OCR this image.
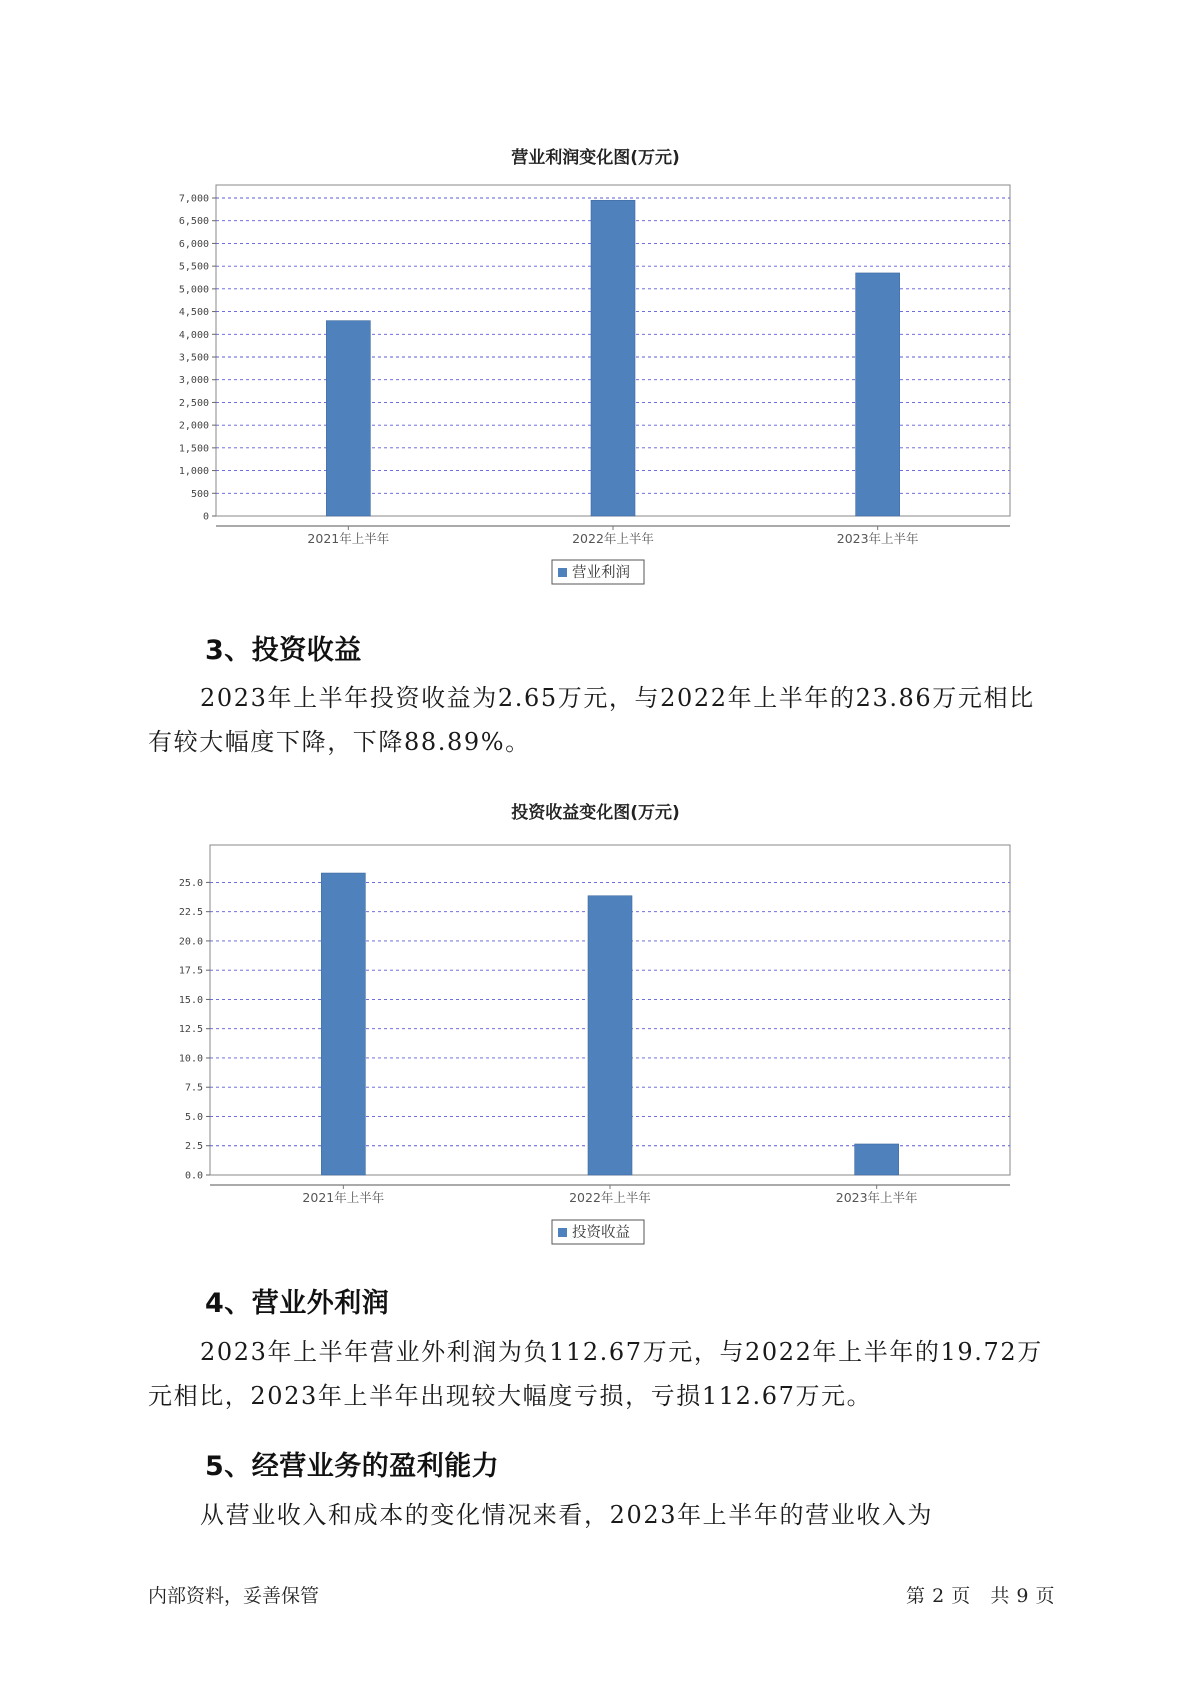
营业利润变化图(万元)
0
500
1,000
1,500
2,000
2,500
3,000
3,500
4,000
4,500
5,000
5,500
6,000
6,500
7,000
2021年上半年	2022年上半年	2023年上半年
营业利润
3、投资收益
2023年上半年投资收益为2.65万元，与2022年上半年的23.86万元相比有较大幅度下降，下降88.89%。
投资收益变化图(万元)
0.0
2.5
5.0
7.5
10.0
12.5
15.0
17.5
20.0
22.5
25.0
2021年上半年	2022年上半年	2023年上半年
投资收益
4、营业外利润
2023年上半年营业外利润为负112.67万元，与2022年上半年的19.72万元相比，2023年上半年出现较大幅度亏损，亏损112.67万元。
5、经营业务的盈利能力
从营业收入和成本的变化情况来看，2023年上半年的营业收入为
内部资料，妥善保管	第 2 页   共 9 页
